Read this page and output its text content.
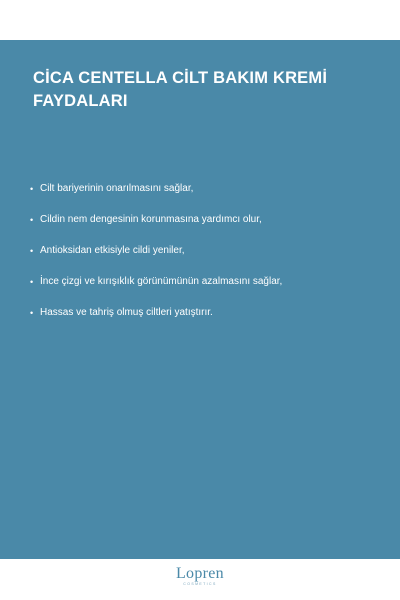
CİCA CENTELLA CİLT BAKIM KREMİ
FAYDALARI
• Cilt bariyerinin onarılmasını sağlar,
• Cildin nem dengesinin korunmasına yardımcı olur,
• Antioksidan etkisiyle cildi yeniler,
• İnce çizgi ve kırışıklık görünümünün azalmasını sağlar,
• Hassas ve tahriş olmuş ciltleri yatıştırır.
Lopren
COSMETICS
